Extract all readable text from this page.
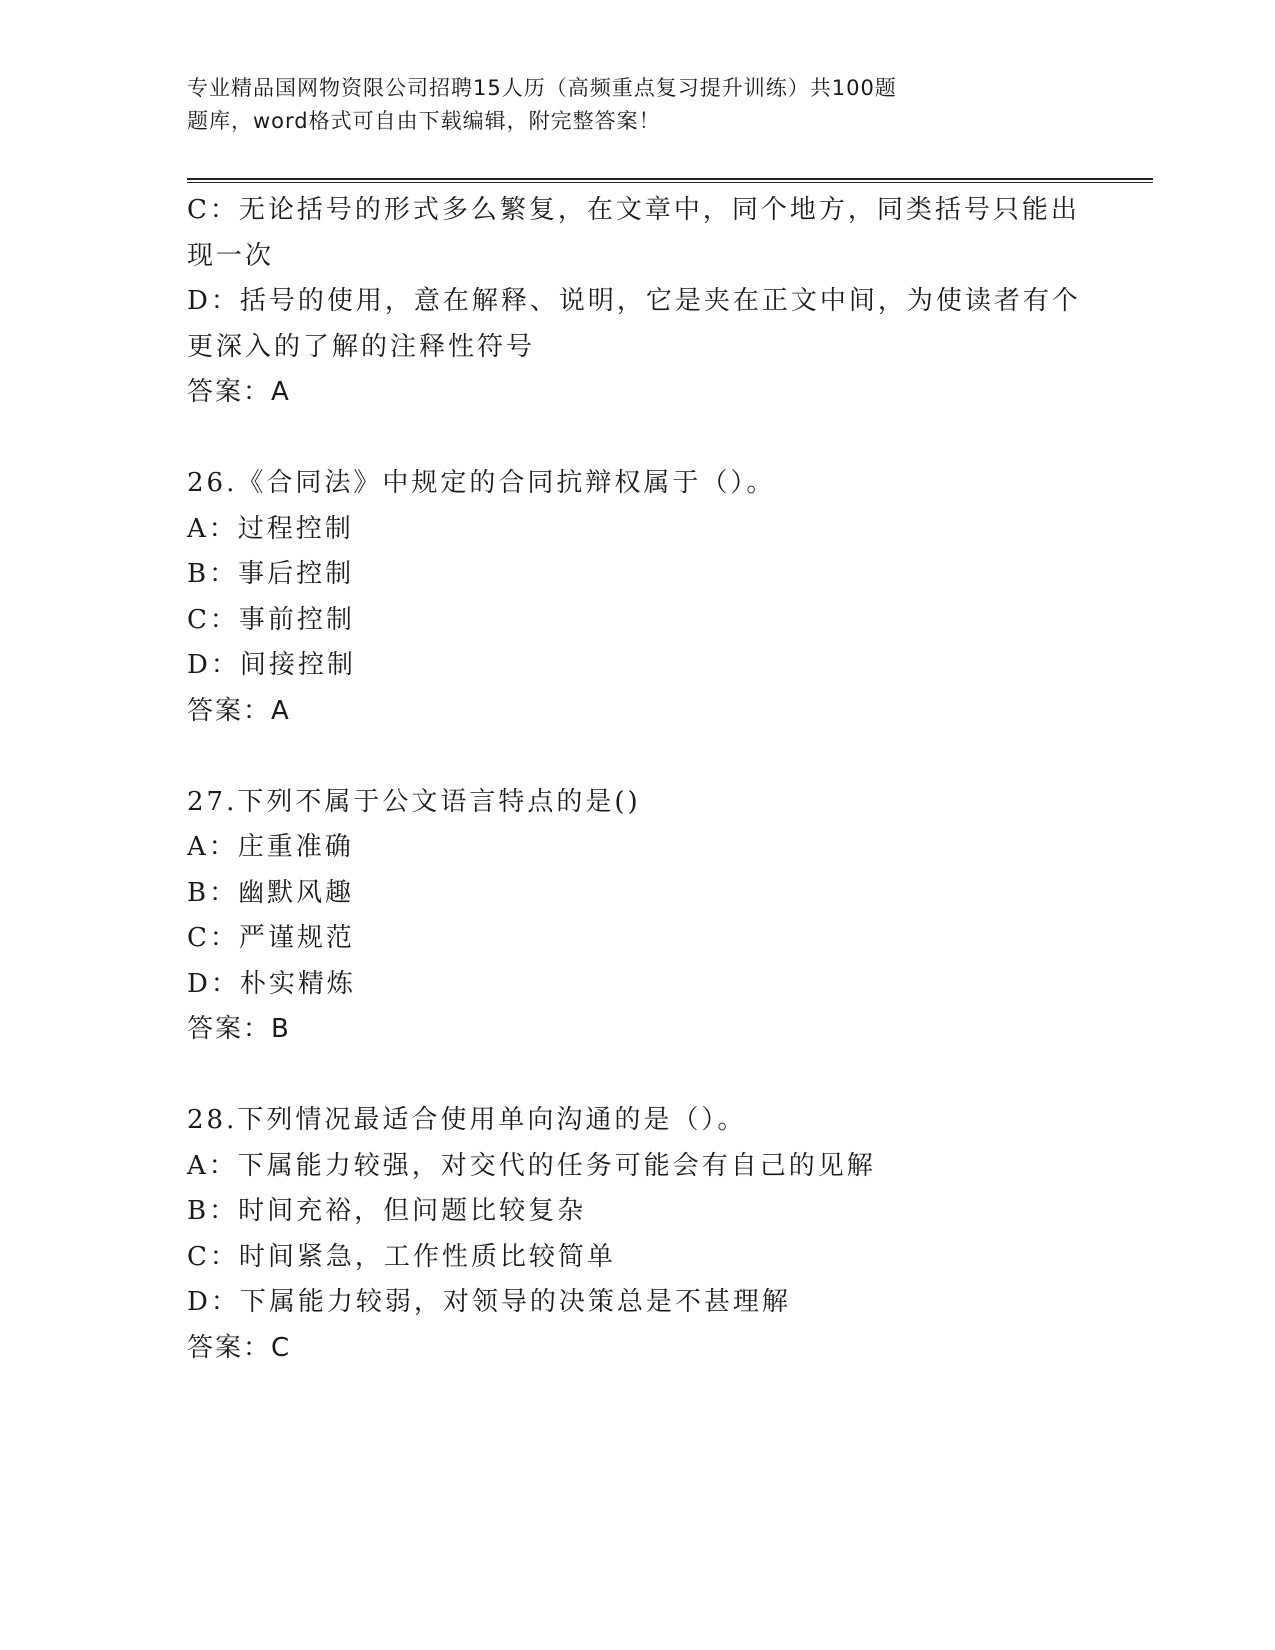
专业精品国网物资限公司招聘15人历（高频重点复习提升训练）共100题
题库，word格式可自由下载编辑，附完整答案！
C：无论括号的形式多么繁复，在文章中，同个地方，同类括号只能出
现一次
D：括号的使用，意在解释、说明，它是夹在正文中间，为使读者有个
更深入的了解的注释性符号
答案：A
26.《合同法》中规定的合同抗辩权属于（）。
A：过程控制
B：事后控制
C：事前控制
D：间接控制
答案：A
27.下列不属于公文语言特点的是()
A：庄重准确
B：幽默风趣
C：严谨规范
D：朴实精炼
答案：B
28.下列情况最适合使用单向沟通的是（）。
A：下属能力较强，对交代的任务可能会有自己的见解
B：时间充裕，但问题比较复杂
C：时间紧急，工作性质比较简单
D：下属能力较弱，对领导的决策总是不甚理解
答案：C
